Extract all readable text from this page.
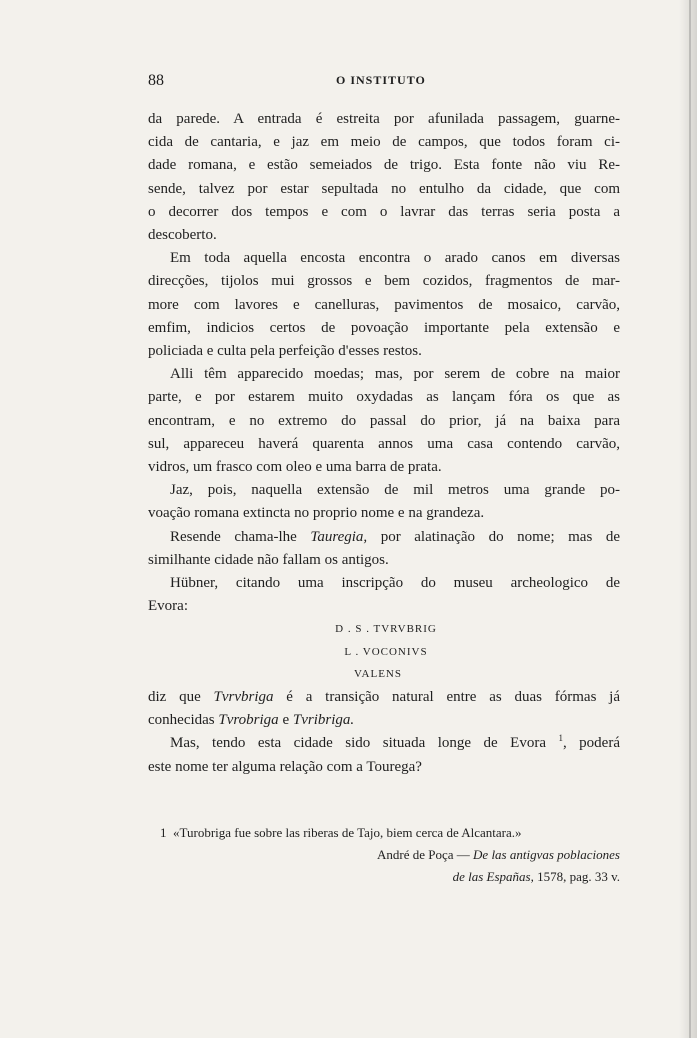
88	O INSTITUTO
da parede. A entrada é estreita por afunilada passagem, guarne-
cida de cantaria, e jaz em meio de campos, que todos foram ci-
dade romana, e estão semeiados de trigo. Esta fonte não viu Re-
sende, talvez por estar sepultada no entulho da cidade, que com
o decorrer dos tempos e com o lavrar das terras seria posta a
descoberto.
Em toda aquella encosta encontra o arado canos em diversas
direcções, tijolos mui grossos e bem cozidos, fragmentos de mar-
more com lavores e canelluras, pavimentos de mosaico, carvão,
emfim, indicios certos de povoação importante pela extensão e
policiada e culta pela perfeição d'esses restos.
Alli têm apparecido moedas; mas, por serem de cobre na maior
parte, e por estarem muito oxydadas as lançam fóra os que as
encontram, e no extremo do passal do prior, já na baixa para
sul, appareceu haverá quarenta annos uma casa contendo carvão,
vidros, um frasco com oleo e uma barra de prata.
Jaz, pois, naquella extensão de mil metros uma grande po-
voação romana extincta no proprio nome e na grandeza.
Resende chama-lhe Tauregia, por alatinação do nome; mas de
similhante cidade não fallam os antigos.
Hübner, citando uma inscripção do museu archeologico de
Evora:
D . S . TVRVBRIG
L . VOCONIVS
VALENS
diz que Tvrvbriga é a transição natural entre as duas fórmas já
conhecidas Tvrobriga e Tvribriga.
Mas, tendo esta cidade sido situada longe de Evora $^1$, poderá
este nome ter alguma relação com a Tourega?
1 «Turobriga fue sobre las riberas de Tajo, biem cerca de Alcantara.»
André de Poça — De las antigvas poblaciones
de las Españas, 1578, pag. 33 v.
